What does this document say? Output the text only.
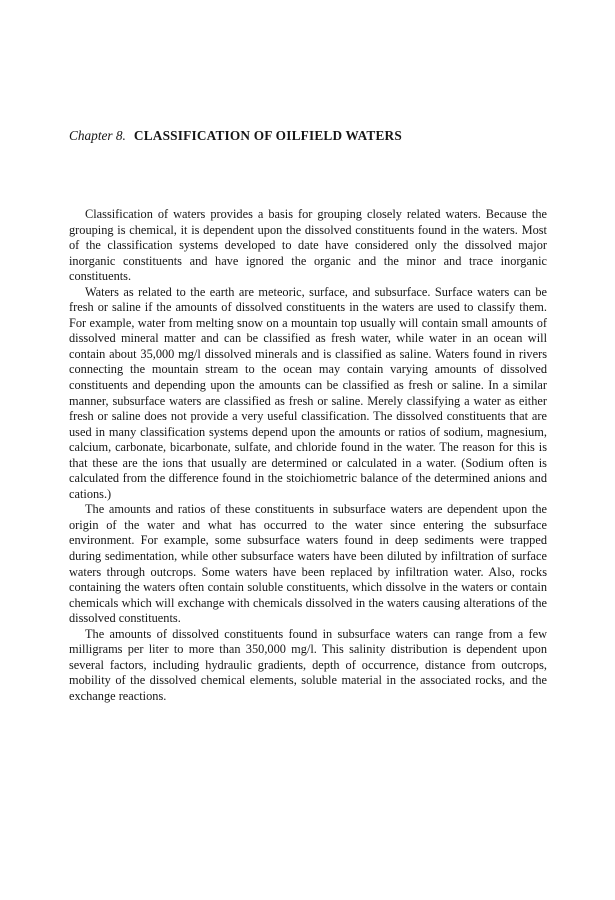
Chapter 8. CLASSIFICATION OF OILFIELD WATERS

Classification of waters provides a basis for grouping closely related waters. Because the grouping is chemical, it is dependent upon the dissolved constituents found in the waters. Most of the classification systems developed to date have considered only the dissolved major inorganic constituents and have ignored the organic and the minor and trace inorganic constituents.

Waters as related to the earth are meteoric, surface, and subsurface. Surface waters can be fresh or saline if the amounts of dissolved constituents in the waters are used to classify them. For example, water from melting snow on a mountain top usually will contain small amounts of dissolved mineral matter and can be classified as fresh water, while water in an ocean will contain about 35,000 mg/l dissolved minerals and is classified as saline. Waters found in rivers connecting the mountain stream to the ocean may contain varying amounts of dissolved constituents and depending upon the amounts can be classified as fresh or saline. In a similar manner, subsurface waters are classified as fresh or saline. Merely classifying a water as either fresh or saline does not provide a very useful classification. The dissolved constituents that are used in many classification systems depend upon the amounts or ratios of sodium, magnesium, calcium, carbonate, bicarbonate, sulfate, and chloride found in the water. The reason for this is that these are the ions that usually are determined or calculated in a water. (Sodium often is calculated from the difference found in the stoichiometric balance of the determined anions and cations.)

The amounts and ratios of these constituents in subsurface waters are dependent upon the origin of the water and what has occurred to the water since entering the subsurface environment. For example, some subsurface waters found in deep sediments were trapped during sedimentation, while other subsurface waters have been diluted by infiltration of surface waters through outcrops. Some waters have been replaced by infiltration water. Also, rocks containing the waters often contain soluble constituents, which dissolve in the waters or contain chemicals which will exchange with chemicals dissolved in the waters causing alterations of the dissolved constituents.

The amounts of dissolved constituents found in subsurface waters can range from a few milligrams per liter to more than 350,000 mg/l. This salinity distribution is dependent upon several factors, including hydraulic gradients, depth of occurrence, distance from outcrops, mobility of the dissolved chemical elements, soluble material in the associated rocks, and the exchange reactions.
